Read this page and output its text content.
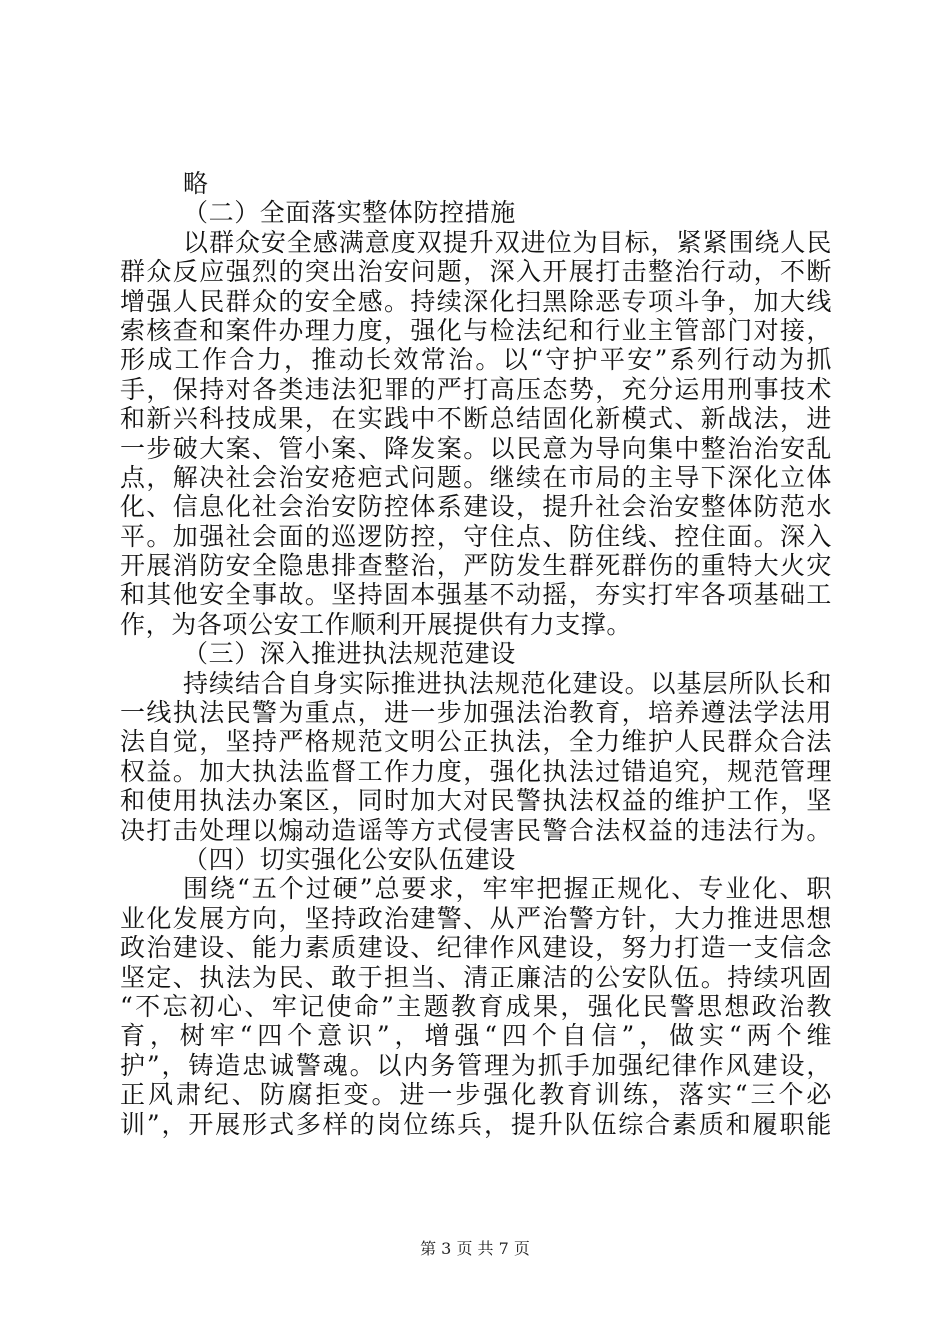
略
（二）全面落实整体防控措施
以群众安全感满意度双提升双进位为目标，紧紧围绕人民
群众反应强烈的突出治安问题，深入开展打击整治行动，不断
增强人民群众的安全感。持续深化扫黑除恶专项斗争，加大线
索核查和案件办理力度，强化与检法纪和行业主管部门对接，
形成工作合力，推动长效常治。以“守护平安”系列行动为抓
手，保持对各类违法犯罪的严打高压态势，充分运用刑事技术
和新兴科技成果，在实践中不断总结固化新模式、新战法，进
一步破大案、管小案、降发案。以民意为导向集中整治治安乱
点，解决社会治安疮疤式问题。继续在市局的主导下深化立体
化、信息化社会治安防控体系建设，提升社会治安整体防范水
平。加强社会面的巡逻防控，守住点、防住线、控住面。深入
开展消防安全隐患排查整治，严防发生群死群伤的重特大火灾
和其他安全事故。坚持固本强基不动摇，夯实打牢各项基础工
作，为各项公安工作顺利开展提供有力支撑。
（三）深入推进执法规范建设
持续结合自身实际推进执法规范化建设。以基层所队长和
一线执法民警为重点，进一步加强法治教育，培养遵法学法用
法自觉，坚持严格规范文明公正执法，全力维护人民群众合法
权益。加大执法监督工作力度，强化执法过错追究，规范管理
和使用执法办案区，同时加大对民警执法权益的维护工作，坚
决打击处理以煽动造谣等方式侵害民警合法权益的违法行为。
（四）切实强化公安队伍建设
围绕“五个过硬”总要求，牢牢把握正规化、专业化、职
业化发展方向，坚持政治建警、从严治警方针，大力推进思想
政治建设、能力素质建设、纪律作风建设，努力打造一支信念
坚定、执法为民、敢于担当、清正廉洁的公安队伍。持续巩固
“不忘初心、牢记使命”主题教育成果，强化民警思想政治教
育，树牢“四个意识”，增强“四个自信”，做实“两个维
护”，铸造忠诚警魂。以内务管理为抓手加强纪律作风建设，
正风肃纪、防腐拒变。进一步强化教育训练，落实“三个必
训”，开展形式多样的岗位练兵，提升队伍综合素质和履职能
第 3 页 共 7 页
